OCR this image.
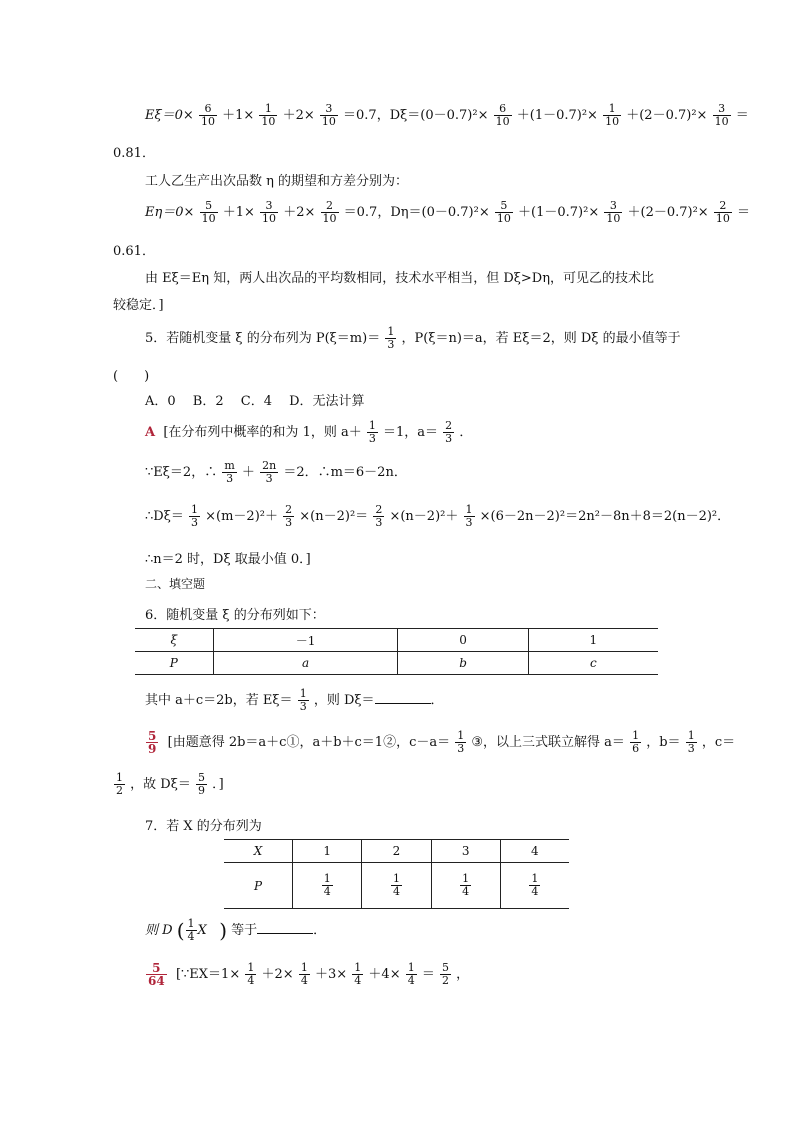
$E\xi=0\times \frac{6}{10} +1\times \frac{1}{10} +2\times \frac{3}{10} =0.7$，$D\xi=(0-0.7)^2\times \frac{6}{10} +(1-0.7)^2\times \frac{1}{10} +(2-0.7)^2\times \frac{3}{10}$ ＝
0.81．
工人乙生产出次品数 η 的期望和方差分别为：
$E\eta=0\times \frac{5}{10} +1\times \frac{3}{10} +2\times \frac{2}{10} =0.7$，$D\eta=(0-0.7)^2\times \frac{5}{10} +(1-0.7)^2\times \frac{3}{10} +(2-0.7)^2\times \frac{2}{10}$ ＝
0.61．
由 Eξ＝Eη 知，两人出次品的平均数相同，技术水平相当，但 Dξ>Dη，可见乙的技术比
较稳定．]
5．若随机变量 ξ 的分布列为 $P(\xi=m)= \frac{1}{3}$ ，P(ξ＝n)＝a，若 Eξ＝2，则 Dξ 的最小值等于
(　　)
A．0　 B．2　 C．4　 D．无法计算
A [在分布列中概率的和为 1，则 $a+ \frac{1}{3} =1$，$a= \frac{2}{3}$ ．
∵Eξ＝2，∴ $\frac{m}{3} + \frac{2n}{3} =2$．∴m＝6－2n．
∴Dξ＝ $\frac{1}{3} \times(m-2)^2+ \frac{2}{3} \times(n-2)^2= \frac{2}{3} \times(n-2)^2+ \frac{1}{3} \times(6-2n-2)^2=2n^2-8n+8=2(n-2)^2$．
∴n＝2 时，Dξ 取最小值 0．]
二、填空题
6．随机变量 ξ 的分布列如下：
ξ	－1	0	1
P	a	b	c
其中 a＋c＝2b，若 $E\xi= \frac{1}{3}$ ，则 Dξ＝	．
$\frac{5}{9}$ [由题意得 2b＝a＋c①，a＋b＋c＝1②，$c-a= \frac{1}{3}$ ③，以上三式联立解得 $a= \frac{1}{6}$ ，$b= \frac{1}{3}$ ，c＝
$\frac{1}{2}$ ，故 $D\xi= \frac{5}{9}$ ．]
7．若 X 的分布列为
X	1	2	3	4
P	$\frac{1}{4}$	$\frac{1}{4}$	$\frac{1}{4}$	$\frac{1}{4}$
则 D ( $\frac{1}{4}$ X ) 等于	．
$\frac{5}{64}$ [∵EX＝1× $\frac{1}{4} +2\times \frac{1}{4} +3\times \frac{1}{4} +4\times \frac{1}{4} = \frac{5}{2}$ ，
